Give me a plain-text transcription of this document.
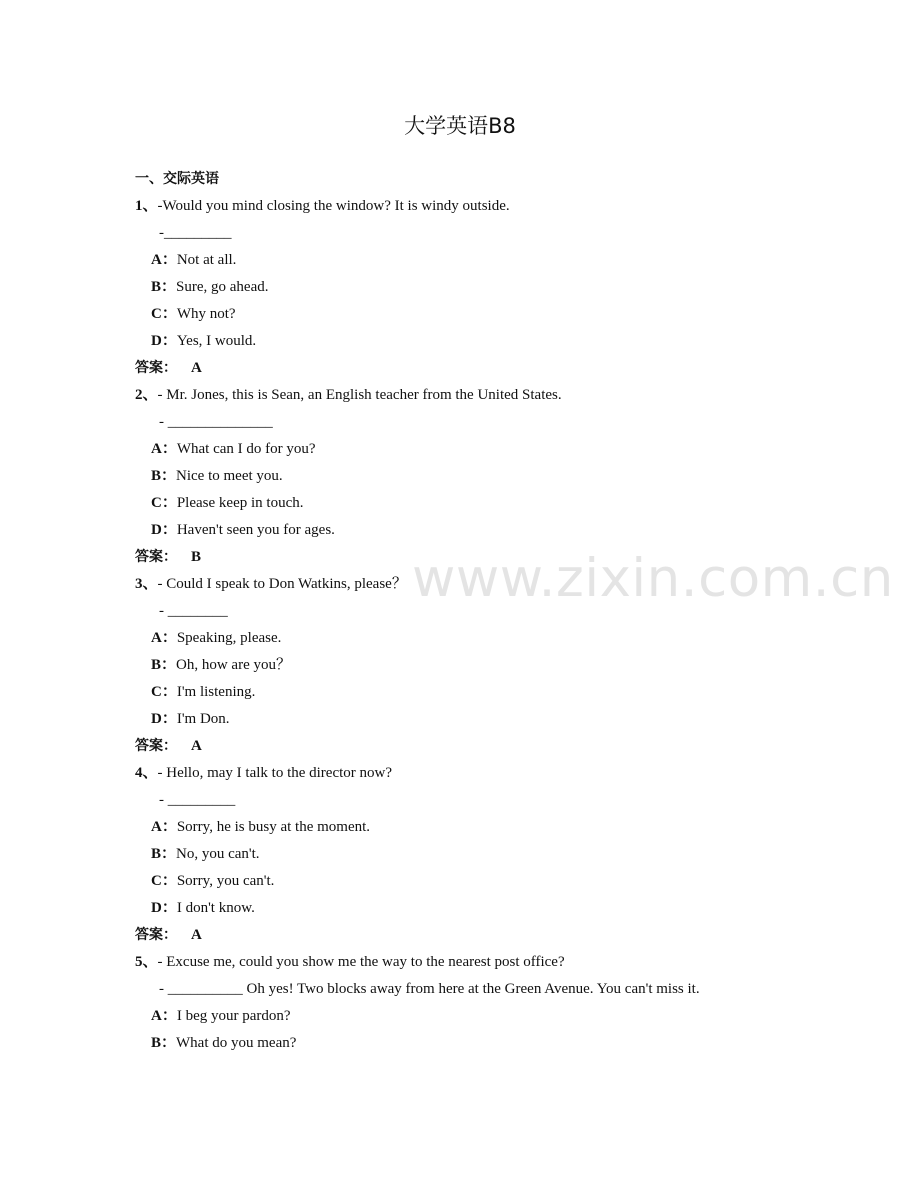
www.zixin.com.cn
大学英语B8
一、交际英语
1、-Would you mind closing the window? It is windy outside.
-_________
A：Not at all.
B：Sure, go ahead.
C：Why not?
D：Yes, I would.
答案： A
2、- Mr. Jones, this is Sean, an English teacher from the United States.
- ______________
A：What can I do for you?
B：Nice to meet you.
C：Please keep in touch.
D：Haven't seen you for ages.
答案： B
3、- Could I speak to Don Watkins, please？
- ________
A：Speaking, please.
B：Oh, how are you？
C：I'm listening.
D：I'm Don.
答案： A
4、- Hello, may I talk to the director now?
- _________
A：Sorry, he is busy at the moment.
B：No, you can't.
C：Sorry, you can't.
D：I don't know.
答案： A
5、- Excuse me, could you show me the way to the nearest post office?
- __________ Oh yes! Two blocks away from here at the Green Avenue. You can't miss it.
A：I beg your pardon?
B：What do you mean?
